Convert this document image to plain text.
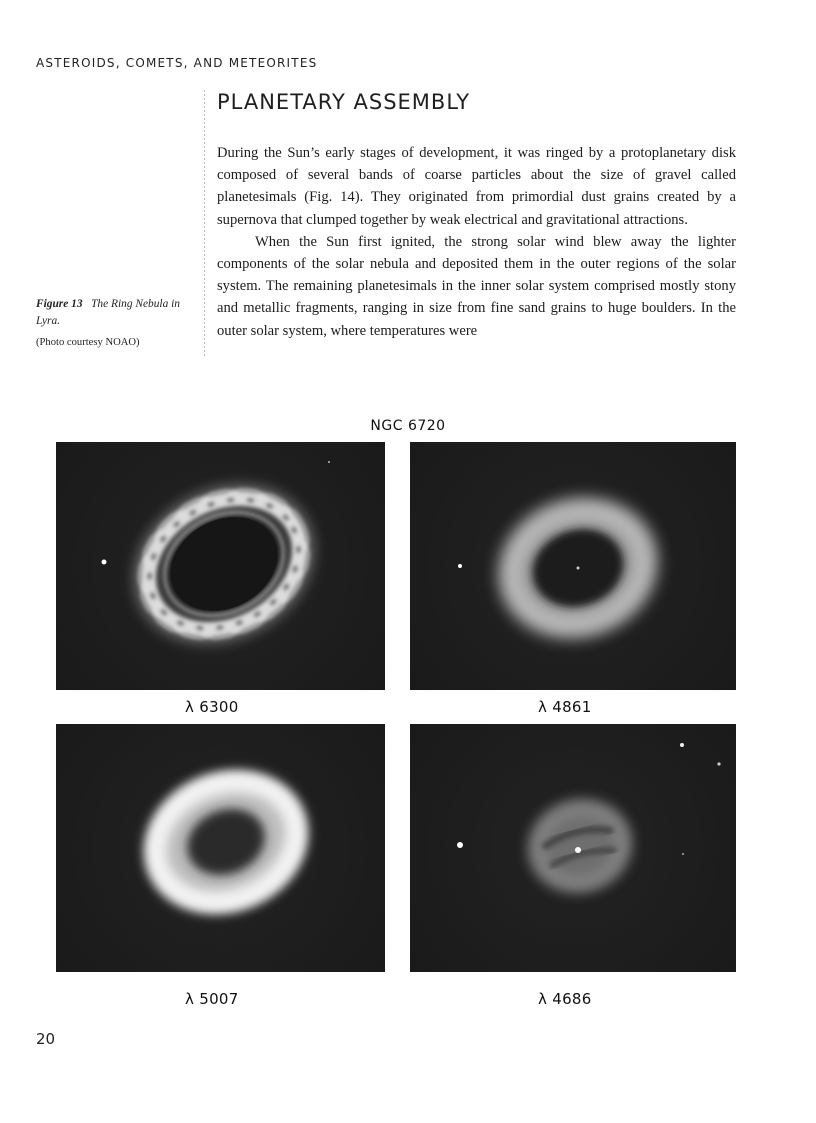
ASTEROIDS, COMETS, AND METEORITES
PLANETARY ASSEMBLY

During the Sun’s early stages of development, it was ringed by a protoplanetary disk composed of several bands of coarse particles about the size of gravel called planetesimals (Fig. 14). They originated from primordial dust grains created by a supernova that clumped together by weak electrical and gravitational attractions.

When the Sun first ignited, the strong solar wind blew away the lighter components of the solar nebula and deposited them in the outer regions of the solar system. The remaining planetesimals in the inner solar system comprised mostly stony and metallic fragments, ranging in size from fine sand grains to huge boulders. In the outer solar system, where temperatures were

Figure 13 The Ring Nebula in Lyra.
(Photo courtesy NOAO)
NGC 6720
λ 6300	λ 4861
λ 5007	λ 4686
20
